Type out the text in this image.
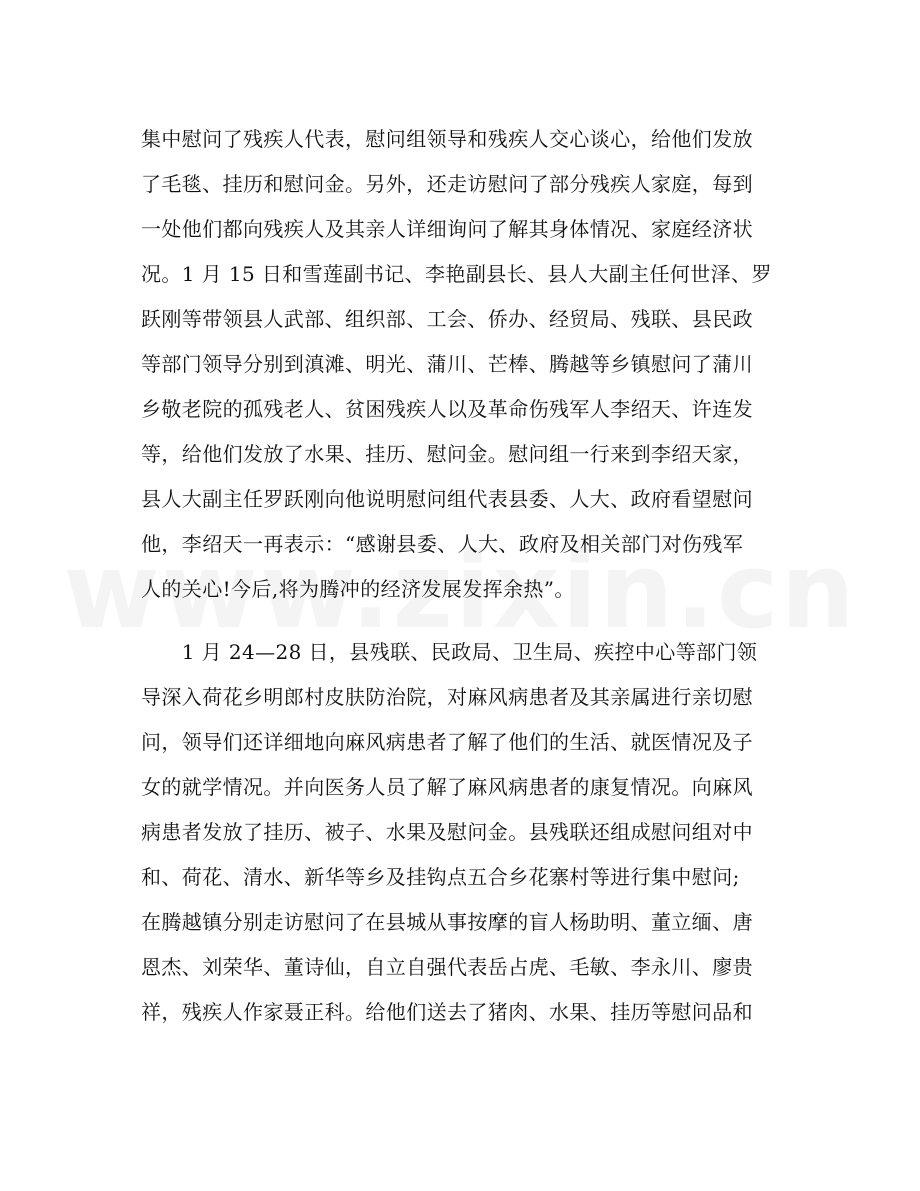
集中慰问了残疾人代表，慰问组领导和残疾人交心谈心，给他们发放
了毛毯、挂历和慰问金。另外，还走访慰问了部分残疾人家庭，每到
一处他们都向残疾人及其亲人详细询问了解其身体情况、家庭经济状
况。1 月 15 日和雪莲副书记、李艳副县长、县人大副主任何世泽、罗
跃刚等带领县人武部、组织部、工会、侨办、经贸局、残联、县民政
等部门领导分别到滇滩、明光、蒲川、芒棒、腾越等乡镇慰问了蒲川
乡敬老院的孤残老人、贫困残疾人以及革命伤残军人李绍天、许连发
等，给他们发放了水果、挂历、慰问金。慰问组一行来到李绍天家，
县人大副主任罗跃刚向他说明慰问组代表县委、人大、政府看望慰问
他，李绍天一再表示：“感谢县委、人大、政府及相关部门对伤残军
人的关心!今后,将为腾冲的经济发展发挥余热”。
　　1 月 24—28 日，县残联、民政局、卫生局、疾控中心等部门领
导深入荷花乡明郎村皮肤防治院，对麻风病患者及其亲属进行亲切慰
问，领导们还详细地向麻风病患者了解了他们的生活、就医情况及子
女的就学情况。并向医务人员了解了麻风病患者的康复情况。向麻风
病患者发放了挂历、被子、水果及慰问金。县残联还组成慰问组对中
和、荷花、清水、新华等乡及挂钩点五合乡花寨村等进行集中慰问;
在腾越镇分别走访慰问了在县城从事按摩的盲人杨助明、董立缅、唐
恩杰、刘荣华、董诗仙，自立自强代表岳占虎、毛敏、李永川、廖贵
祥，残疾人作家聂正科。给他们送去了猪肉、水果、挂历等慰问品和
